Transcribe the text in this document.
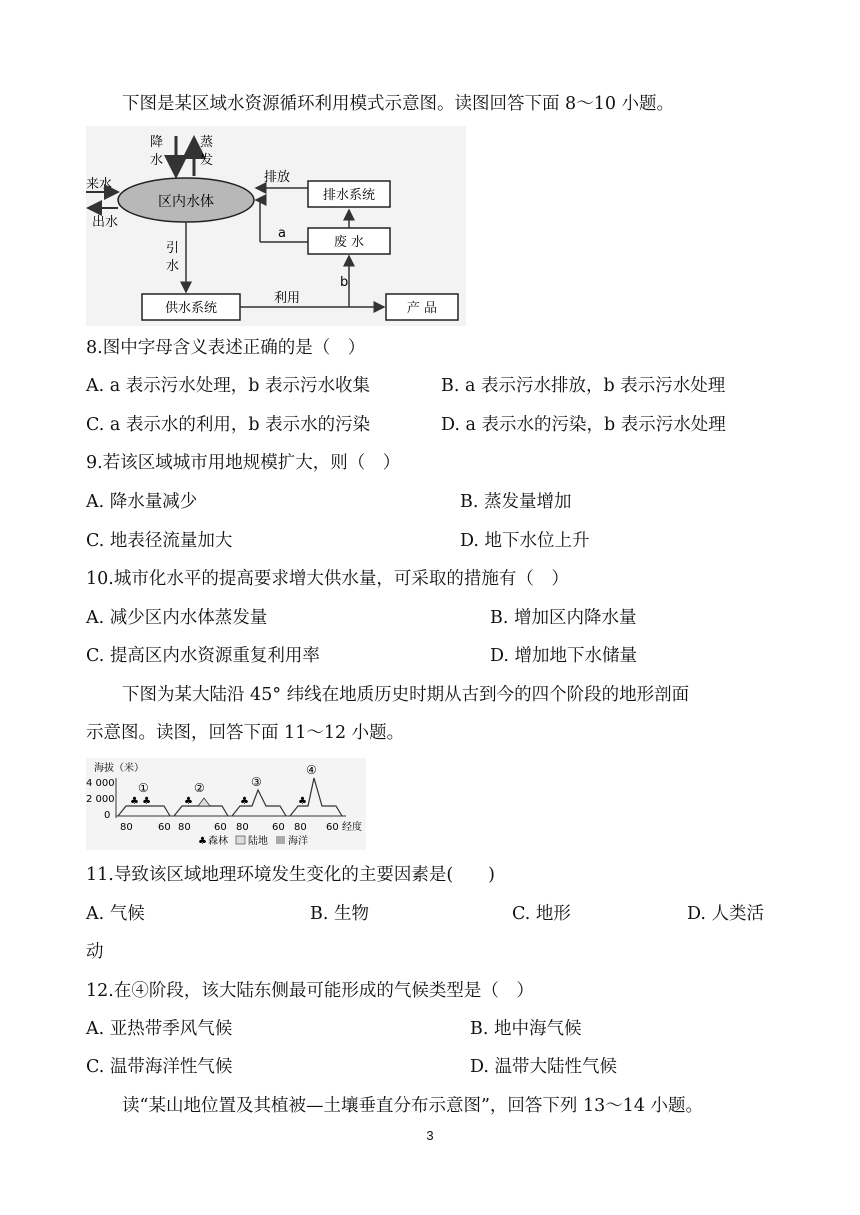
下图是某区域水资源循环利用模式示意图。读图回答下面 8～10 小题。
区内水体
降
水
蒸
发
来水
出水
排水系统
排放
废 水
a
引
水
供水系统
利用
产 品
b
8.图中字母含义表述正确的是（　）
A. a 表示污水处理，b 表示污水收集	B. a 表示污水排放，b 表示污水处理
C. a 表示水的利用，b 表示水的污染	D. a 表示水的污染，b 表示污水处理
9.若该区域城市用地规模扩大，则（　）
A. 降水量减少	B. 蒸发量增加
C. 地表径流量加大	D. 地下水位上升
10.城市化水平的提高要求增大供水量，可采取的措施有（　）
A. 减少区内水体蒸发量	B. 增加区内降水量
C. 提高区内水资源重复利用率	D. 增加地下水储量
下图为某大陆沿 45° 纬线在地质历史时期从古到今的四个阶段的地形剖面
示意图。读图，回答下面 11～12 小题。
海拔（米）
4 000
2 000
0
①
♣ ♣
②
♣
③
♣
④
♣
80	60 80 60 80 60 80 60 经度
♣ 森林 陆地 海洋
11.导致该区域地理环境发生变化的主要因素是(　　)
A. 气候	B. 生物	C. 地形	D. 人类活
动
12.在④阶段，该大陆东侧最可能形成的气候类型是（　）
A. 亚热带季风气候	B. 地中海气候
C. 温带海洋性气候	D. 温带大陆性气候
读“某山地位置及其植被—土壤垂直分布示意图”，回答下列 13～14 小题。
3
